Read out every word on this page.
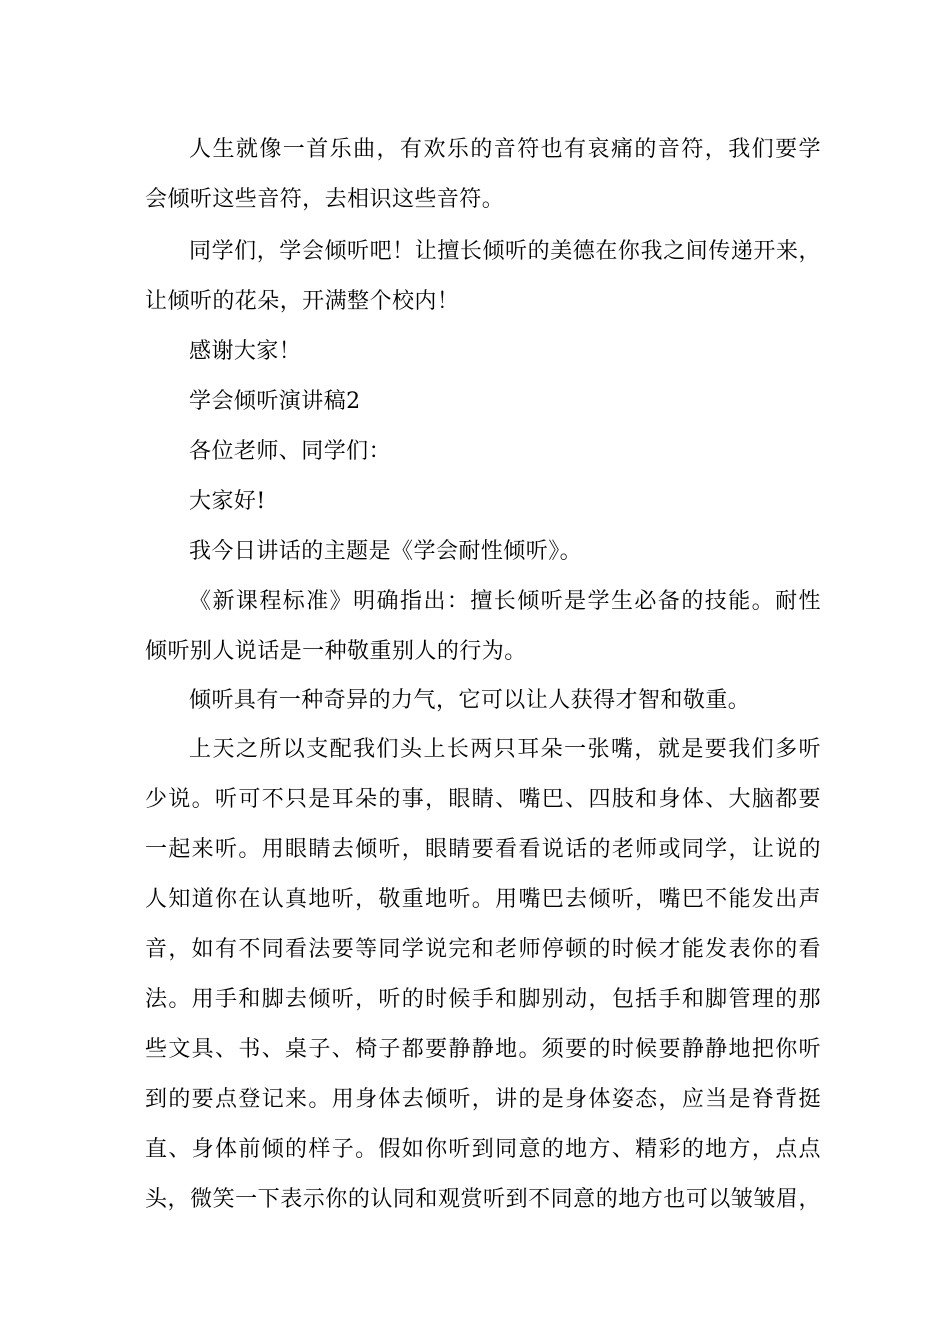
人生就像一首乐曲，有欢乐的音符也有哀痛的音符，我们要学
会倾听这些音符，去相识这些音符。
同学们，学会倾听吧！让擅长倾听的美德在你我之间传递开来，
让倾听的花朵，开满整个校内！
感谢大家！
学会倾听演讲稿2
各位老师、同学们：
大家好!
我今日讲话的主题是《学会耐性倾听》。
《新课程标准》明确指出：擅长倾听是学生必备的技能。耐性
倾听别人说话是一种敬重别人的行为。
倾听具有一种奇异的力气，它可以让人获得才智和敬重。
上天之所以支配我们头上长两只耳朵一张嘴，就是要我们多听
少说。听可不只是耳朵的事，眼睛、嘴巴、四肢和身体、大脑都要
一起来听。用眼睛去倾听，眼睛要看看说话的老师或同学，让说的
人知道你在认真地听，敬重地听。用嘴巴去倾听，嘴巴不能发出声
音，如有不同看法要等同学说完和老师停顿的时候才能发表你的看
法。用手和脚去倾听，听的时候手和脚别动，包括手和脚管理的那
些文具、书、桌子、椅子都要静静地。须要的时候要静静地把你听
到的要点登记来。用身体去倾听，讲的是身体姿态，应当是脊背挺
直、身体前倾的样子。假如你听到同意的地方、精彩的地方，点点
头，微笑一下表示你的认同和观赏听到不同意的地方也可以皱皱眉，
